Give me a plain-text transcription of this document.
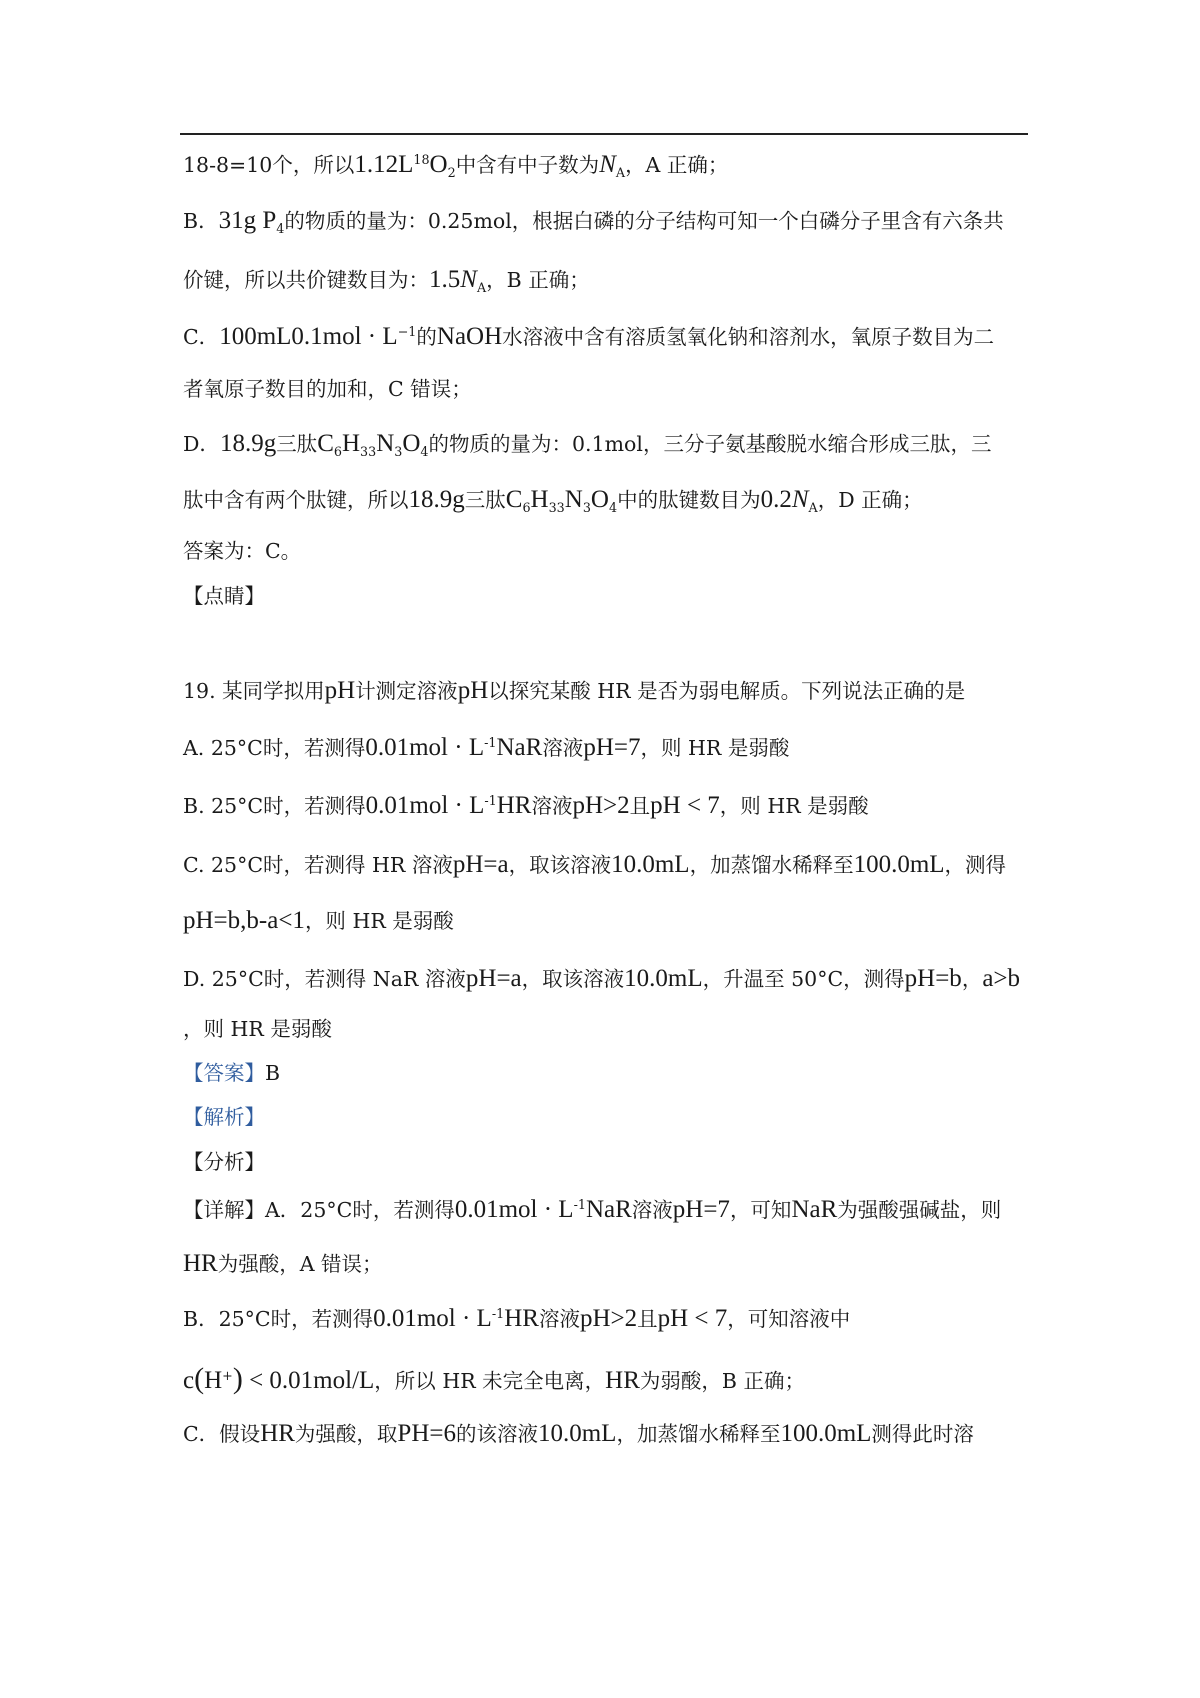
18-8=10个，所以$1.12L^{18}O_2$中含有中子数为$N_A$，A 正确；
B．31g $P_4$的物质的量为：0.25mol，根据白磷的分子结构可知一个白磷分子里含有六条共
价键，所以共价键数目为：$1.5N_A$，B 正确；
C．$100mL0.1mol \cdot L^{-1}$的NaOH水溶液中含有溶质氢氧化钠和溶剂水，氧原子数目为二
者氧原子数目的加和，C 错误；
D．18.9g三肽$C_6H_{33}N_3O_4$的物质的量为：0.1mol，三分子氨基酸脱水缩合形成三肽，三
肽中含有两个肽键，所以18.9g三肽$C_6H_{33}N_3O_4$中的肽键数目为$0.2N_A$，D 正确；
答案为：C。
【点睛】
19. 某同学拟用pH计测定溶液pH以探究某酸 HR 是否为弱电解质。下列说法正确的是
A. 25°C时，若测得$0.01mol \cdot L^{-1}NaR$溶液pH=7，则 HR 是弱酸
B. 25°C时，若测得$0.01mol \cdot L^{-1}HR$溶液pH>2且pH < 7，则 HR 是弱酸
C. 25°C时，若测得 HR 溶液pH=a，取该溶液10.0mL，加蒸馏水稀释至100.0mL，测得
pH=b,b-a<1，则 HR 是弱酸
D. 25°C时，若测得 NaR 溶液pH=a，取该溶液10.0mL，升温至 50°C，测得pH=b，a>b
，则 HR 是弱酸
【答案】B
【解析】
【分析】
【详解】A．25°C时，若测得$0.01mol \cdot L^{-1}NaR$溶液pH=7，可知NaR为强酸强碱盐，则
HR为强酸，A 错误；
B．25°C时，若测得$0.01mol \cdot L^{-1}HR$溶液pH>2且pH < 7，可知溶液中
c(H+) < 0.01mol/L，所以 HR 未完全电离，HR为弱酸，B 正确；
C．假设HR为强酸，取PH=6的该溶液10.0mL，加蒸馏水稀释至100.0mL测得此时溶
